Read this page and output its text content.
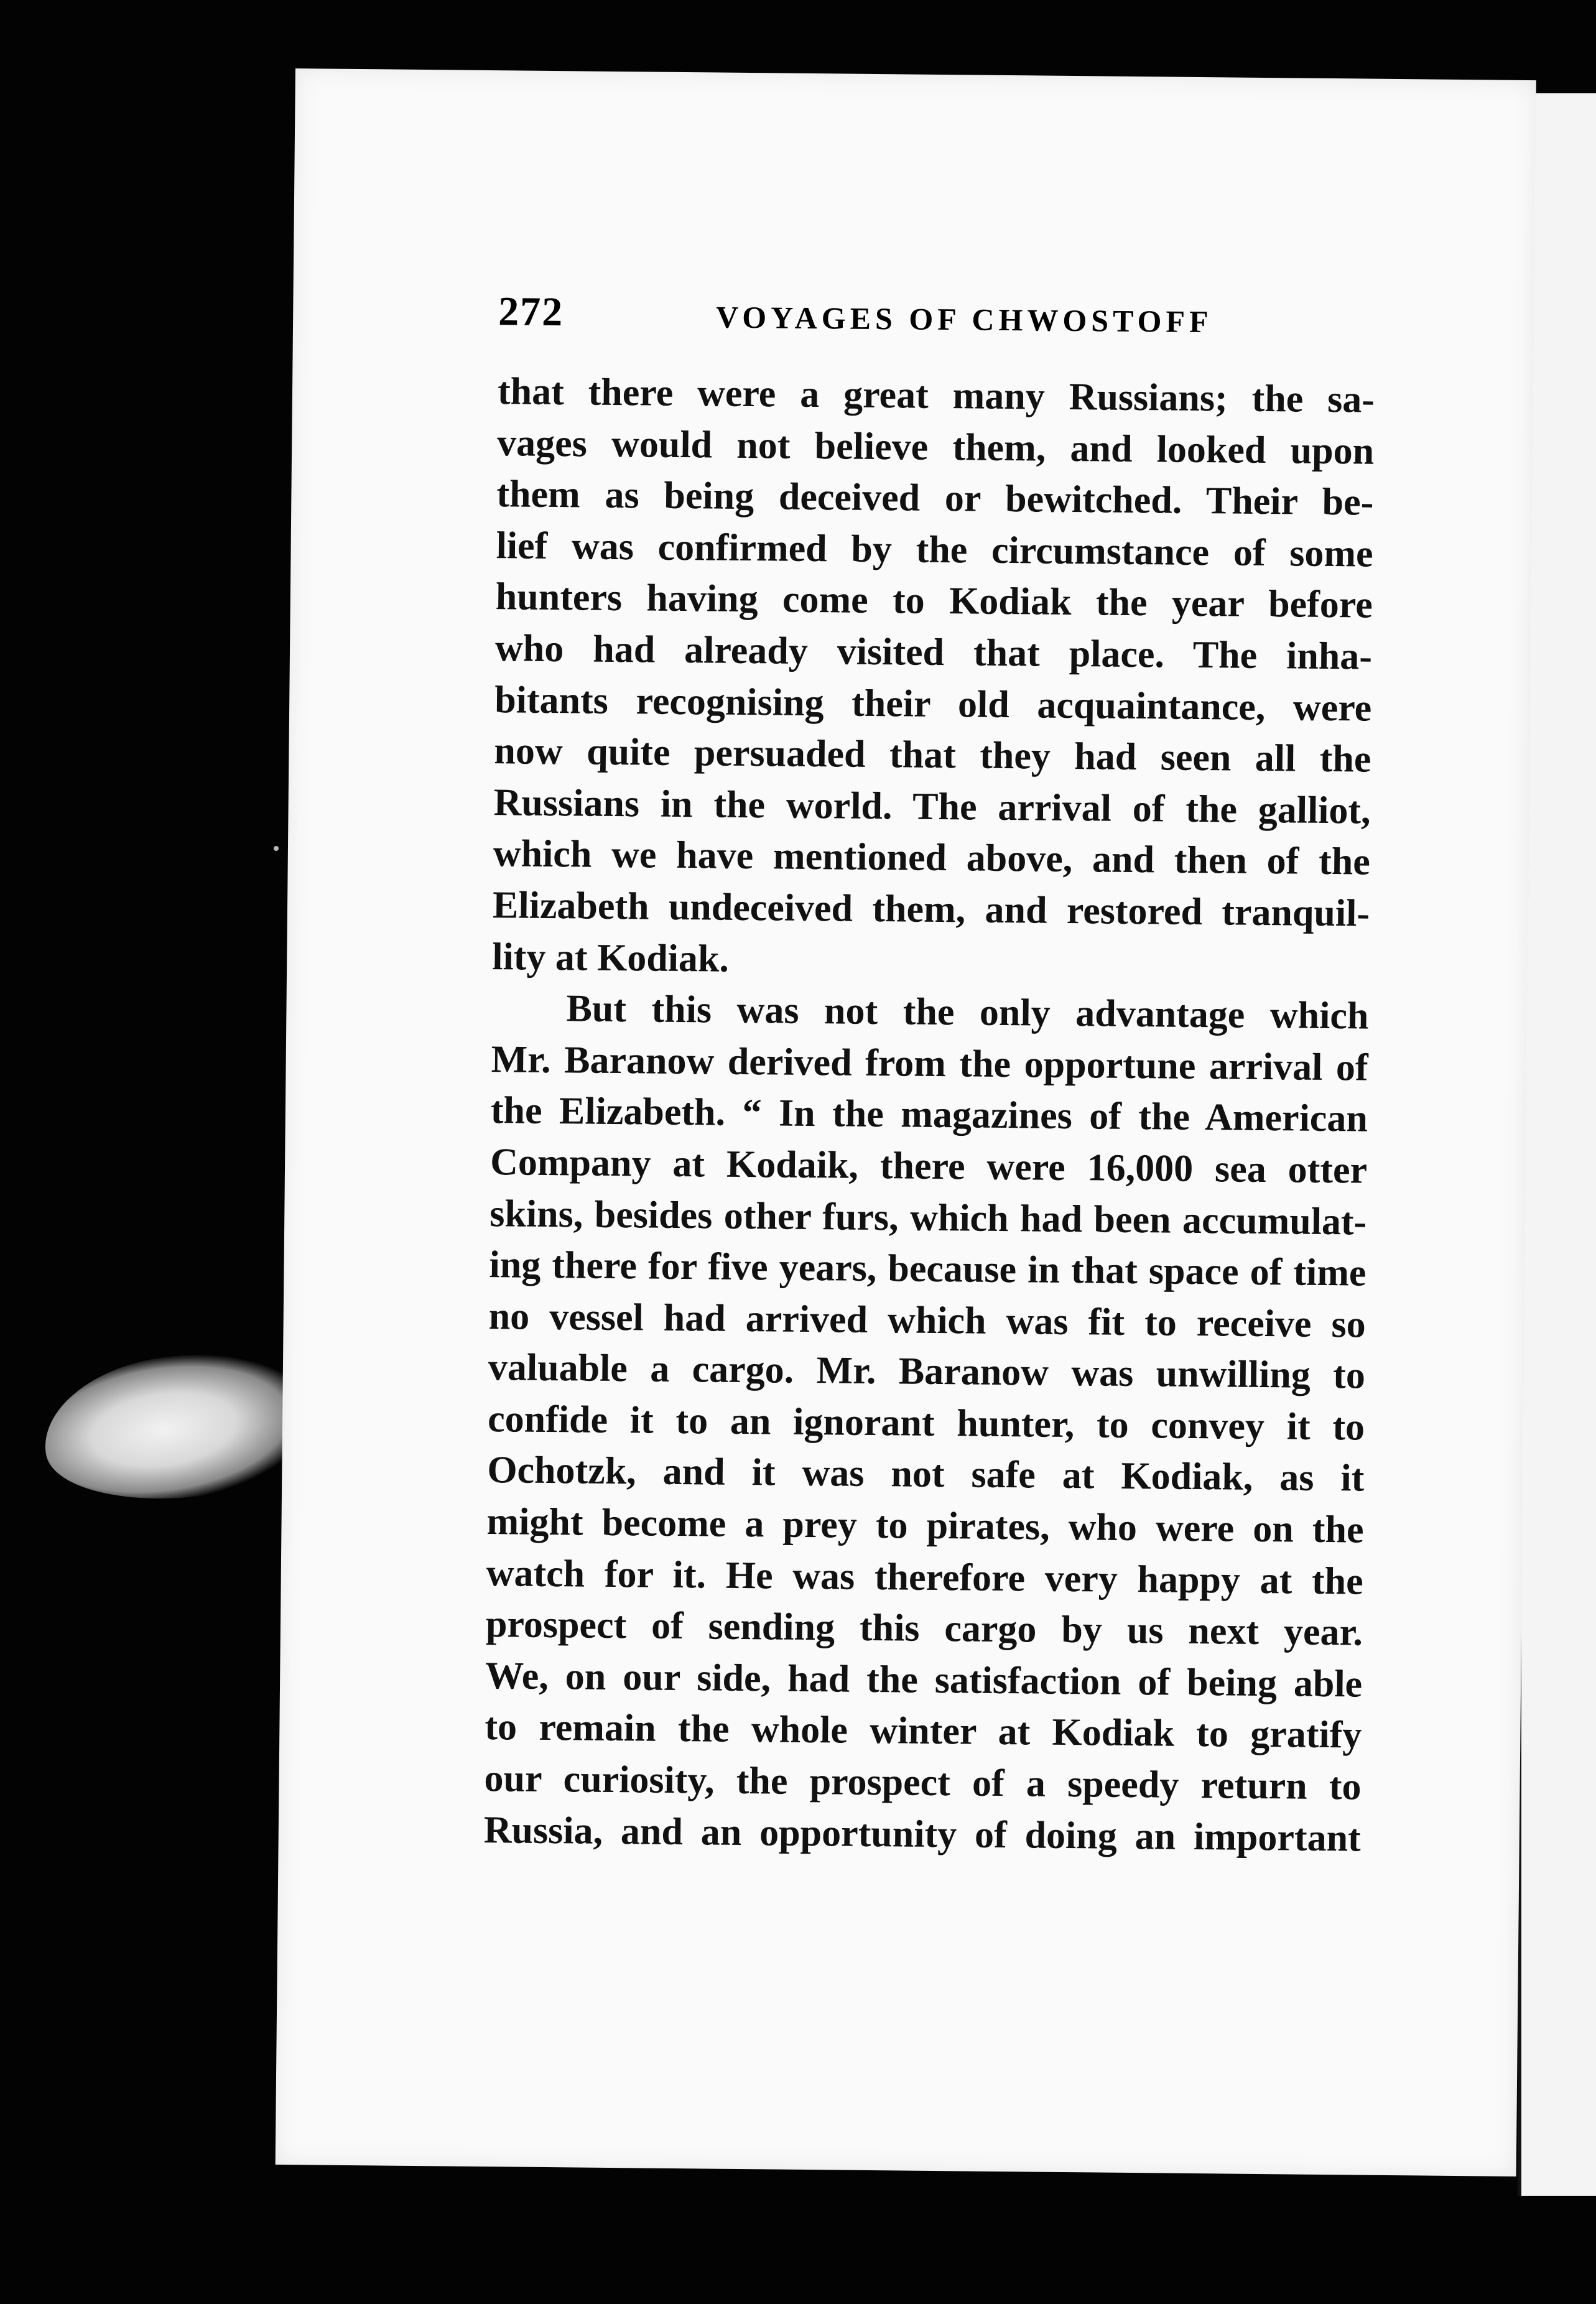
272	VOYAGES OF CHWOSTOFF
that there were a great many Russians; the sa-
vages would not believe them, and looked upon
them as being deceived or bewitched. Their be-
lief was confirmed by the circumstance of some
hunters having come to Kodiak the year before
who had already visited that place. The inha-
bitants recognising their old acquaintance, were
now quite persuaded that they had seen all the
Russians in the world. The arrival of the galliot,
which we have mentioned above, and then of the
Elizabeth undeceived them, and restored tranquil-
lity at Kodiak.
But this was not the only advantage which
Mr. Baranow derived from the opportune arrival of
the Elizabeth. “ In the magazines of the American
Company at Kodaik, there were 16,000 sea otter
skins, besides other furs, which had been accumulat-
ing there for five years, because in that space of time
no vessel had arrived which was fit to receive so
valuable a cargo. Mr. Baranow was unwilling to
confide it to an ignorant hunter, to convey it to
Ochotzk, and it was not safe at Kodiak, as it
might become a prey to pirates, who were on the
watch for it. He was therefore very happy at the
prospect of sending this cargo by us next year.
We, on our side, had the satisfaction of being able
to remain the whole winter at Kodiak to gratify
our curiosity, the prospect of a speedy return to
Russia, and an opportunity of doing an important
